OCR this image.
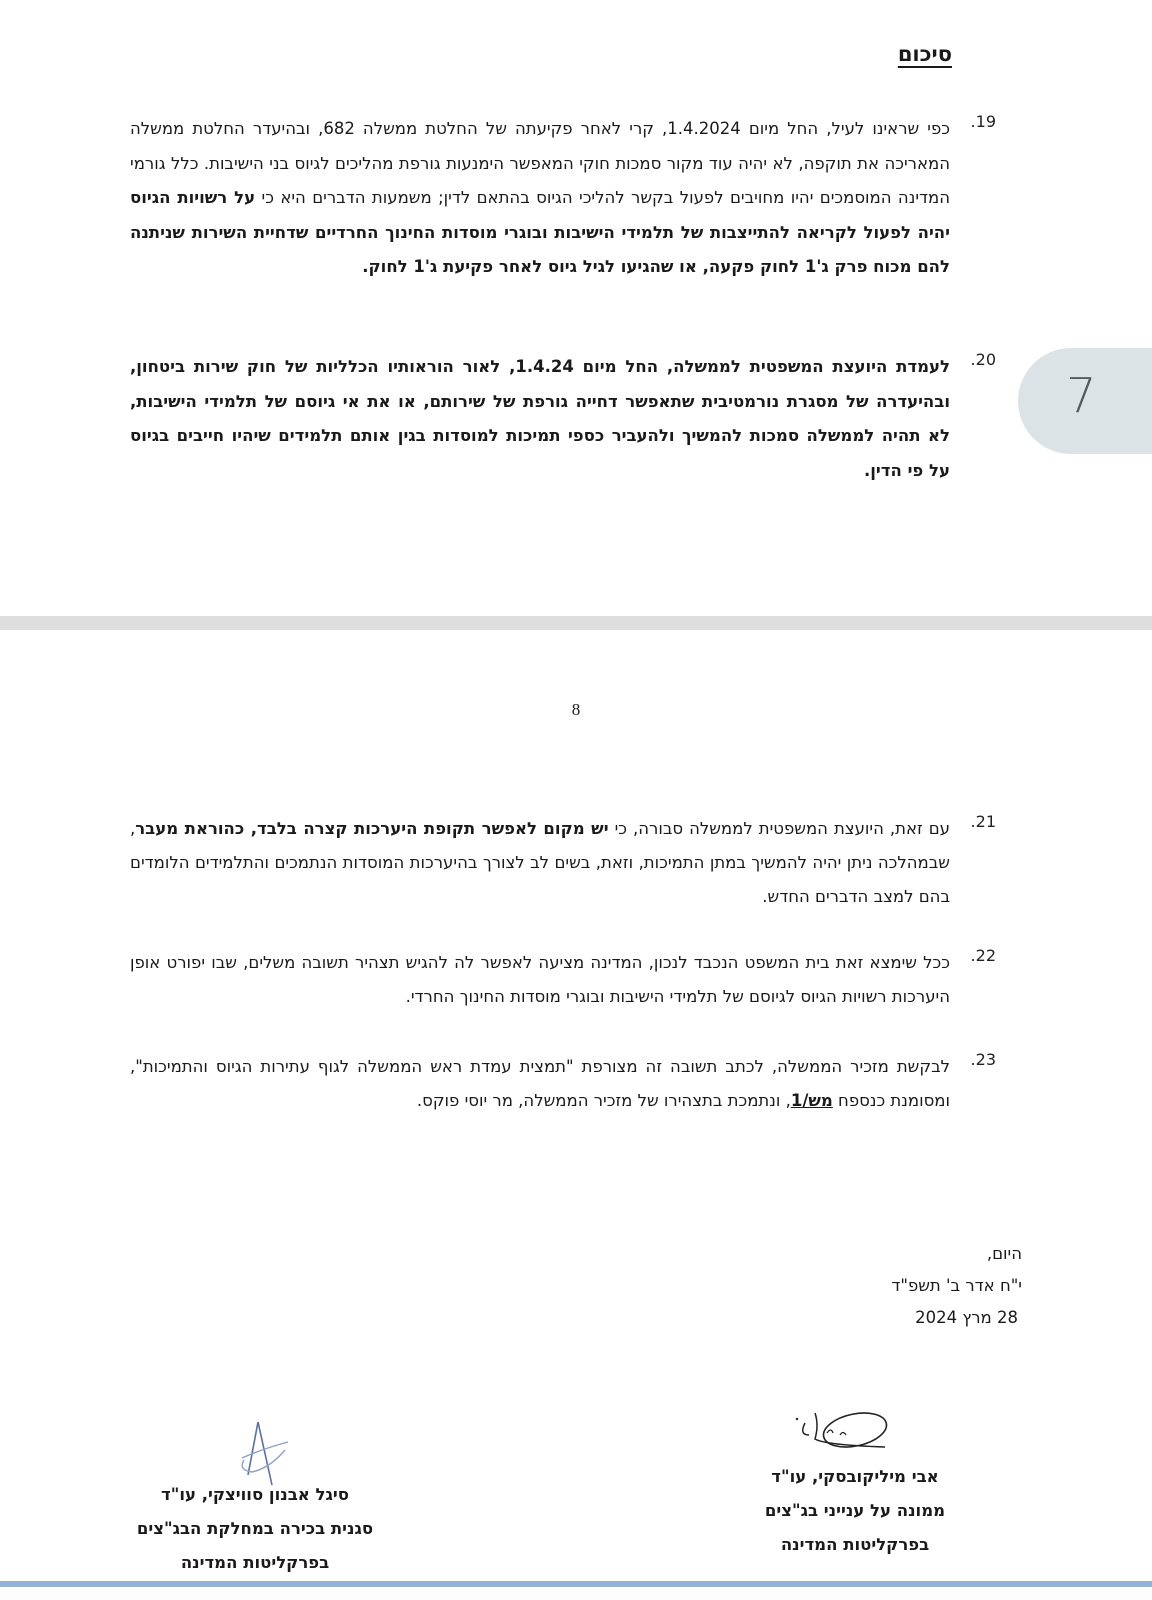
סיכום
.19
כפי שראינו לעיל, החל מיום 1.4.2024, קרי לאחר פקיעתה של החלטת ממשלה 682, ובהיעדר החלטת ממשלה המאריכה את תוקפה, לא יהיה עוד מקור סמכות חוקי המאפשר הימנעות גורפת מהליכים לגיוס בני הישיבות. כלל גורמי המדינה המוסמכים יהיו מחויבים לפעול בקשר להליכי הגיוס בהתאם לדין; משמעות הדברים היא כי על רשויות הגיוס יהיה לפעול לקריאה להתייצבות של תלמידי הישיבות ובוגרי מוסדות החינוך החרדיים שדחיית השירות שניתנה להם מכוח פרק ג'1 לחוק פקעה, או שהגיעו לגיל גיוס לאחר פקיעת ג'1 לחוק.
.20
לעמדת היועצת המשפטית לממשלה, החל מיום 1.4.24, לאור הוראותיו הכלליות של חוק שירות ביטחון, ובהיעדרה של מסגרת נורמטיבית שתאפשר דחייה גורפת של שירותם, או את אי גיוסם של תלמידי הישיבות, לא תהיה לממשלה סמכות להמשיך ולהעביר כספי תמיכות למוסדות בגין אותם תלמידים שיהיו חייבים בגיוס על פי הדין.
7
8
.21
עם זאת, היועצת המשפטית לממשלה סבורה, כי יש מקום לאפשר תקופת היערכות קצרה בלבד, כהוראת מעבר, שבמהלכה ניתן יהיה להמשיך במתן התמיכות, וזאת, בשים לב לצורך בהיערכות המוסדות הנתמכים והתלמידים הלומדים בהם למצב הדברים החדש.
.22
ככל שימצא זאת בית המשפט הנכבד לנכון, המדינה מציעה לאפשר לה להגיש תצהיר תשובה משלים, שבו יפורט אופן היערכות רשויות הגיוס לגיוסם של תלמידי הישיבות ובוגרי מוסדות החינוך החרדי.
.23
לבקשת מזכיר הממשלה, לכתב תשובה זה מצורפת "תמצית עמדת ראש הממשלה לגוף עתירות הגיוס והתמיכות", ומסומנת כנספח מש/1, ונתמכת בתצהירו של מזכיר הממשלה, מר יוסי פוקס.
היום,
י"ח אדר ב' תשפ"ד
28 מרץ 2024
אבי מיליקובסקי, עו"ד
ממונה על ענייני בג"צים
בפרקליטות המדינה
סיגל אבנון סוויצקי, עו"ד
סגנית בכירה במחלקת הבג"צים
בפרקליטות המדינה
